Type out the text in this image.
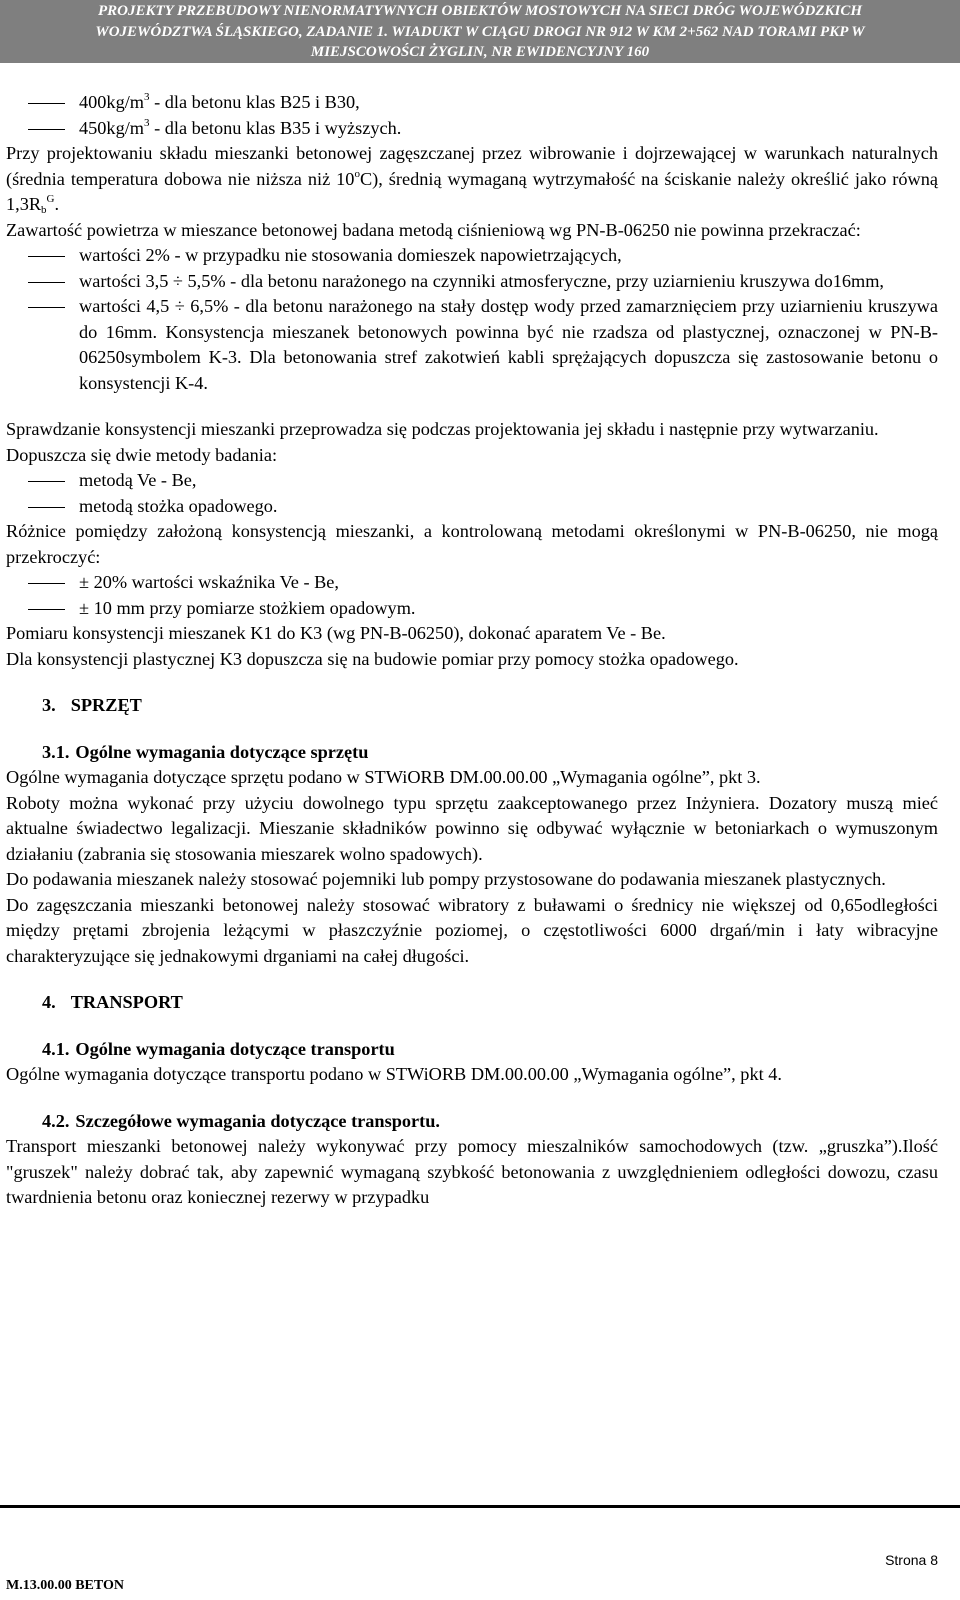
PROJEKTY PRZEBUDOWY NIENORMATYWNYCH OBIEKTÓW MOSTOWYCH NA SIECI DRÓG WOJEWÓDZKICH
WOJEWÓDZTWA ŚLĄSKIEGO, ZADANIE 1. WIADUKT W CIĄGU DROGI NR 912 W KM 2+562 NAD TORAMI PKP W
MIEJSCOWOŚCI ŻYGLIN, NR EWIDENCYJNY 160
$400kg/m^3$ - dla betonu klas B25 i B30,
$450kg/m^3$ - dla betonu klas B35 i wyższych.

Przy projektowaniu składu mieszanki betonowej zagęszczanej przez wibrowanie i dojrzewającej w warunkach naturalnych (średnia temperatura dobowa nie niższa niż 10$^o$C), średnią wymaganą wytrzymałość na ściskanie należy określić jako równą $1,3R_b^G$.

Zawartość powietrza w mieszance betonowej badana metodą ciśnieniową wg PN-B-06250 nie powinna przekraczać:

wartości 2% - w przypadku nie stosowania domieszek napowietrzających,
wartości 3,5 ÷ 5,5% - dla betonu narażonego na czynniki atmosferyczne, przy uziarnieniu kruszywa do16mm,
wartości 4,5 ÷ 6,5% - dla betonu narażonego na stały dostęp wody przed zamarznięciem przy uziarnieniu kruszywa do 16mm. Konsystencja mieszanek betonowych powinna być nie rzadsza od plastycznej, oznaczonej w PN-B-06250symbolem K-3. Dla betonowania stref zakotwień kabli sprężających dopuszcza się zastosowanie betonu o konsystencji K-4.

Sprawdzanie konsystencji mieszanki przeprowadza się podczas projektowania jej składu i następnie przy wytwarzaniu.

Dopuszcza się dwie metody badania:

metodą Ve - Be,
metodą stożka opadowego.

Różnice pomiędzy założoną konsystencją mieszanki, a kontrolowaną metodami określonymi w PN-B-06250, nie mogą przekroczyć:

± 20% wartości wskaźnika Ve - Be,
± 10 mm przy pomiarze stożkiem opadowym.

Pomiaru konsystencji mieszanek K1 do K3 (wg PN-B-06250), dokonać aparatem Ve - Be.

Dla konsystencji plastycznej K3 dopuszcza się na budowie pomiar przy pomocy stożka opadowego.

3. SPRZĘT

3.1. Ogólne wymagania dotyczące sprzętu

Ogólne wymagania dotyczące sprzętu podano w STWiORB DM.00.00.00 „Wymagania ogólne”, pkt 3.

Roboty można wykonać przy użyciu dowolnego typu sprzętu zaakceptowanego przez Inżyniera. Dozatory muszą mieć aktualne świadectwo legalizacji. Mieszanie składników powinno się odbywać wyłącznie w betoniarkach o wymuszonym działaniu (zabrania się stosowania mieszarek wolno spadowych).

Do podawania mieszanek należy stosować pojemniki lub pompy przystosowane do podawania mieszanek plastycznych.

Do zagęszczania mieszanki betonowej należy stosować wibratory z buławami o średnicy nie większej od 0,65odległości między prętami zbrojenia leżącymi w płaszczyźnie poziomej, o częstotliwości 6000 drgań/min i łaty wibracyjne charakteryzujące się jednakowymi drganiami na całej długości.

4. TRANSPORT

4.1. Ogólne wymagania dotyczące transportu

Ogólne wymagania dotyczące transportu podano w STWiORB DM.00.00.00 „Wymagania ogólne”, pkt 4.

4.2. Szczegółowe wymagania dotyczące transportu.

Transport mieszanki betonowej należy wykonywać przy pomocy mieszalników samochodowych (tzw. „gruszka”).Ilość "gruszek" należy dobrać tak, aby zapewnić wymaganą szybkość betonowania z uwzględnieniem odległości dowozu, czasu twardnienia betonu oraz koniecznej rezerwy w przypadku

Strona 8
M.13.00.00 BETON
